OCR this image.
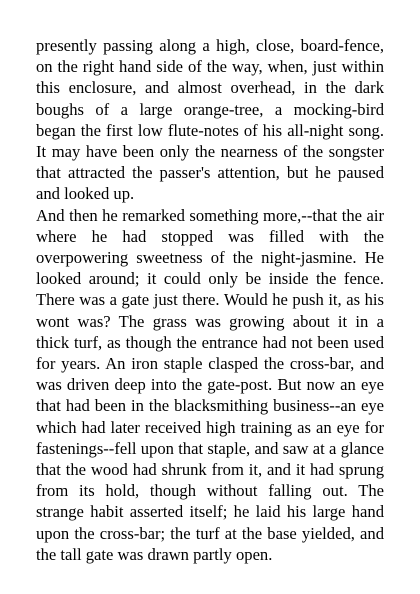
presently passing along a high, close, board-fence, on the right hand side of the way, when, just within this enclosure, and almost overhead, in the dark boughs of a large orange-tree, a mocking-bird began the first low flute-notes of his all-night song. It may have been only the nearness of the songster that attracted the passer's attention, but he paused and looked up.

And then he remarked something more,--that the air where he had stopped was filled with the overpowering sweetness of the night-jasmine. He looked around; it could only be inside the fence. There was a gate just there. Would he push it, as his wont was? The grass was growing about it in a thick turf, as though the entrance had not been used for years. An iron staple clasped the cross-bar, and was driven deep into the gate-post. But now an eye that had been in the blacksmithing business--an eye which had later received high training as an eye for fastenings--fell upon that staple, and saw at a glance that the wood had shrunk from it, and it had sprung from its hold, though without falling out. The strange habit asserted itself; he laid his large hand upon the cross-bar; the turf at the base yielded, and the tall gate was drawn partly open.
